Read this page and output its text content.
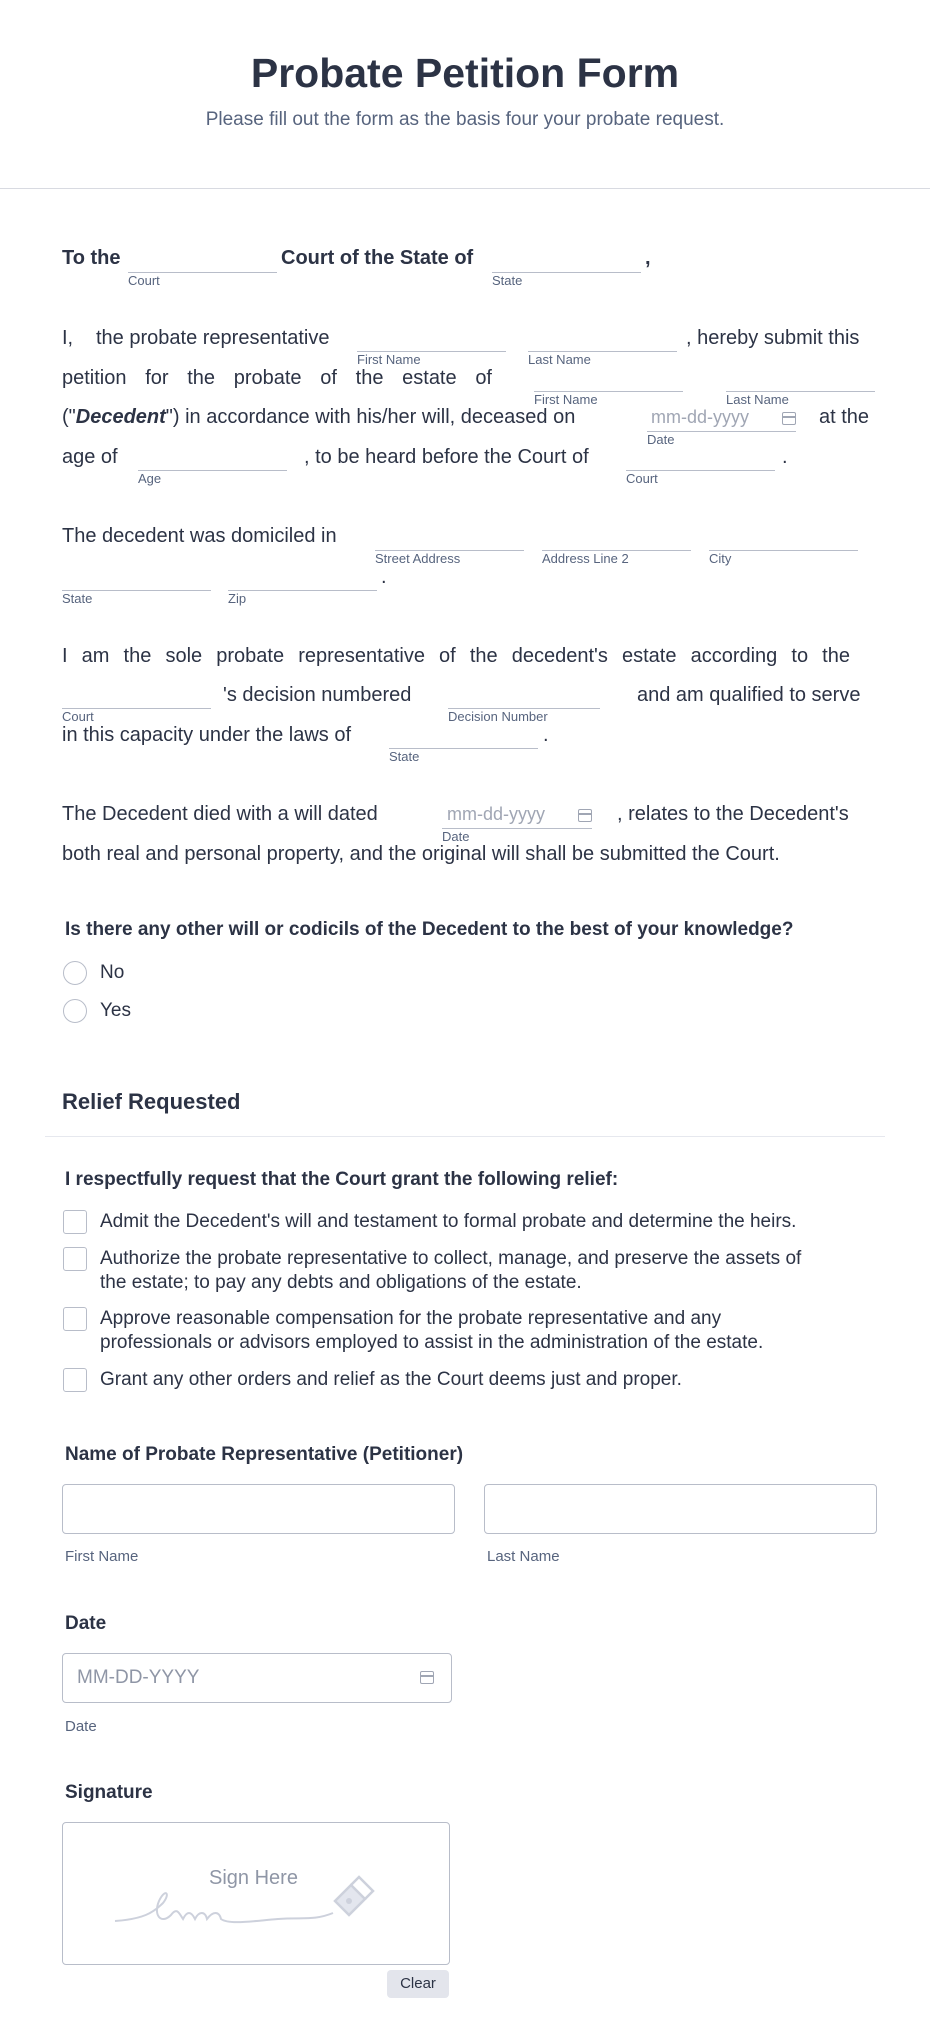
Probate Petition Form
Please fill out the form as the basis four your probate request.
To the
Court
Court of the State of
State
,
I, the probate representative
First Name	Last Name
, hereby submit this
petition for the probate of the estate of
First Name	Last Name
("Decedent") in accordance with his/her will, deceased on	mm-dd-yyyy
Date
at the
age of
Age
, to be heard before the Court of
Court
.
The decedent was domiciled in
Street Address	Address Line 2	City
State	Zip
.
I am the sole probate representative of the decedent's estate according to the
Court
's decision numbered
Decision Number
and am qualified to serve
in this capacity under the laws of
State
.
The Decedent died with a will dated	mm-dd-yyyy
Date
, relates to the Decedent's
both real and personal property, and the original will shall be submitted the Court.
Is there any other will or codicils of the Decedent to the best of your knowledge?
No
Yes
Relief Requested
I respectfully request that the Court grant the following relief:
Admit the Decedent's will and testament to formal probate and determine the heirs.
Authorize the probate representative to collect, manage, and preserve the assets of
the estate; to pay any debts and obligations of the estate.
Approve reasonable compensation for the probate representative and any
professionals or advisors employed to assist in the administration of the estate.
Grant any other orders and relief as the Court deems just and proper.
Name of Probate Representative (Petitioner)
First Name	Last Name
Date
MM-DD-YYYY
Date
Signature
Sign Here
Clear
